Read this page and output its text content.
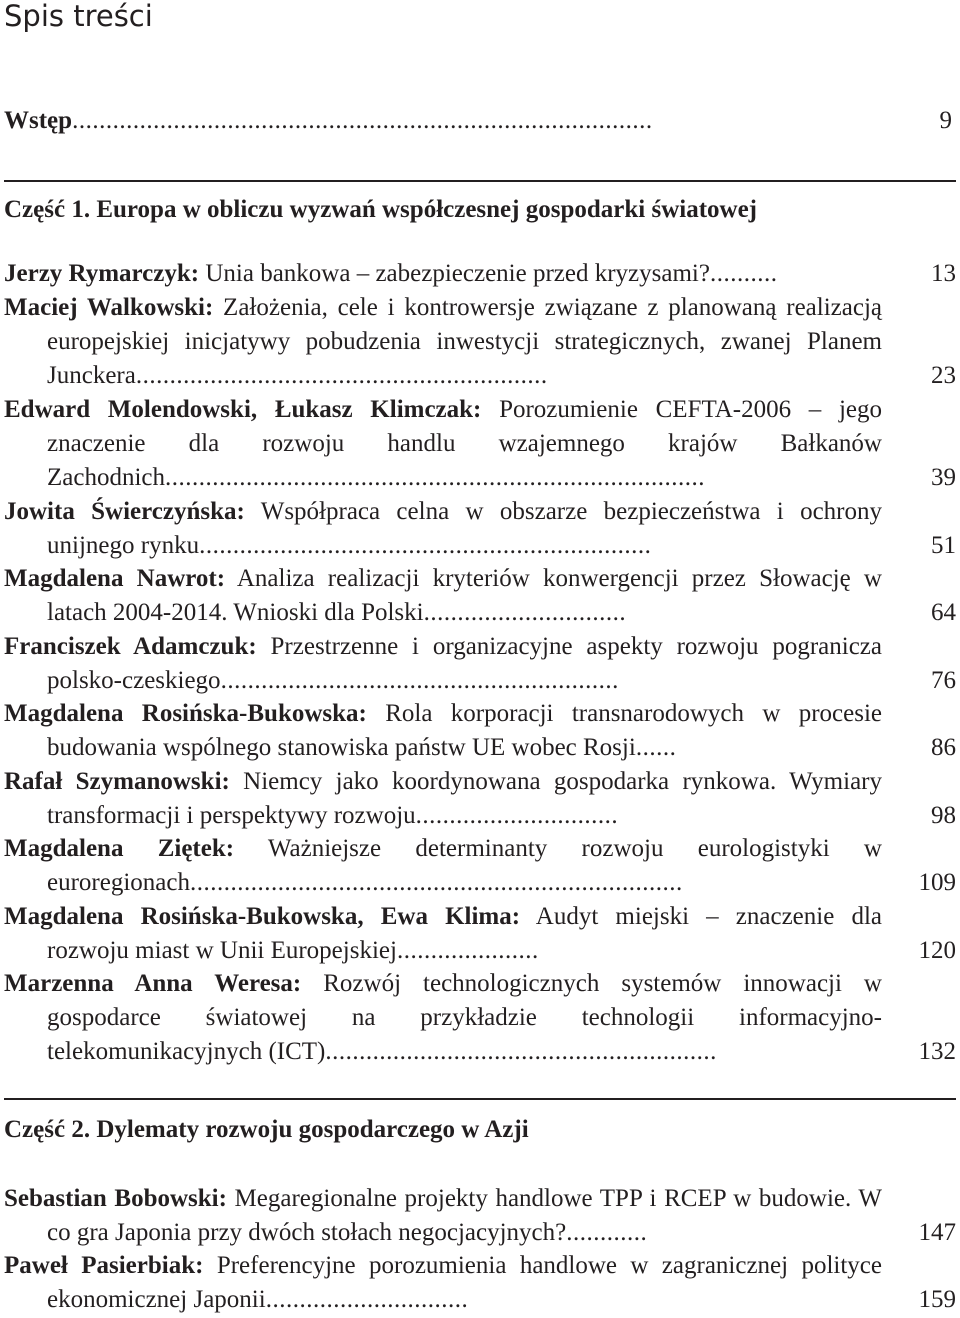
Spis treści
Wstęp......................................................................................	9
Część 1. Europa w obliczu wyzwań współczesnej gospodarki światowej
Jerzy Rymarczyk: Unia bankowa – zabezpieczenie przed kryzysami?..........	13
Maciej Walkowski: Założenia, cele i kontrowersje związane z planowaną realizacją europejskiej inicjatywy pobudzenia inwestycji strategicznych, zwanej Planem Junckera.............................................................	23
Edward Molendowski, Łukasz Klimczak: Porozumienie CEFTA-2006 – jego znaczenie dla rozwoju handlu wzajemnego krajów Bałkanów Zachodnich................................................................................	39
Jowita Świerczyńska: Współpraca celna w obszarze bezpieczeństwa i ochrony unijnego rynku...................................................................	51
Magdalena Nawrot: Analiza realizacji kryteriów konwergencji przez Słowację w latach 2004-2014. Wnioski dla Polski..............................	64
Franciszek Adamczuk: Przestrzenne i organizacyjne aspekty rozwoju pogranicza polsko-czeskiego...........................................................	76
Magdalena Rosińska-Bukowska: Rola korporacji transnarodowych w procesie budowania wspólnego stanowiska państw UE wobec Rosji......	86
Rafał Szymanowski: Niemcy jako koordynowana gospodarka rynkowa. Wymiary transformacji i perspektywy rozwoju..............................	98
Magdalena Ziętek: Ważniejsze determinanty rozwoju eurologistyki w euroregionach.........................................................................	109
Magdalena Rosińska-Bukowska, Ewa Klima: Audyt miejski – znaczenie dla rozwoju miast w Unii Europejskiej.....................	120
Marzenna Anna Weresa: Rozwój technologicznych systemów innowacji w gospodarce światowej na przykładzie technologii informacyjno-telekomunikacyjnych (ICT)..........................................................	132
Część 2. Dylematy rozwoju gospodarczego w Azji
Sebastian Bobowski: Megaregionalne projekty handlowe TPP i RCEP w budowie. W co gra Japonia przy dwóch stołach negocjacyjnych?............	147
Paweł Pasierbiak: Preferencyjne porozumienia handlowe w zagranicznej polityce ekonomicznej Japonii..............................	159
